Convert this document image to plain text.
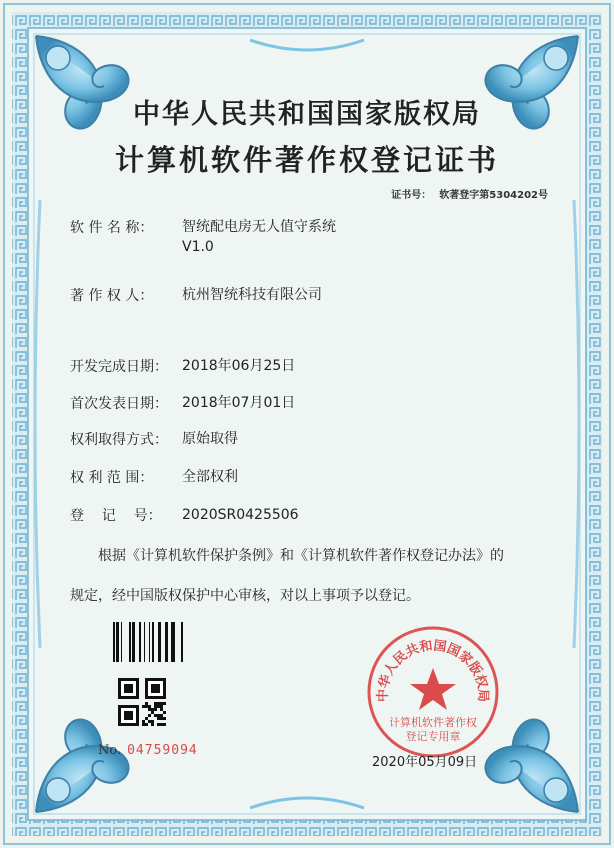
中华人民共和国国家版权局
计算机软件著作权登记证书
证书号： 软著登字第5304202号
软 件 名 称： 智统配电房无人值守系统
V1.0
著 作 权 人： 杭州智统科技有限公司
开发完成日期： 2018年06月25日
首次发表日期： 2018年07月01日
权利取得方式： 原始取得
权 利 范 围： 全部权利
登    记    号： 2020SR0425506

根据《计算机软件保护条例》和《计算机软件著作权登记办法》的

规定，经中国版权保护中心审核，对以上事项予以登记。

No. 04759094
中华人民共和国国家版权局
计算机软件著作权
登记专用章
2020年05月09日
